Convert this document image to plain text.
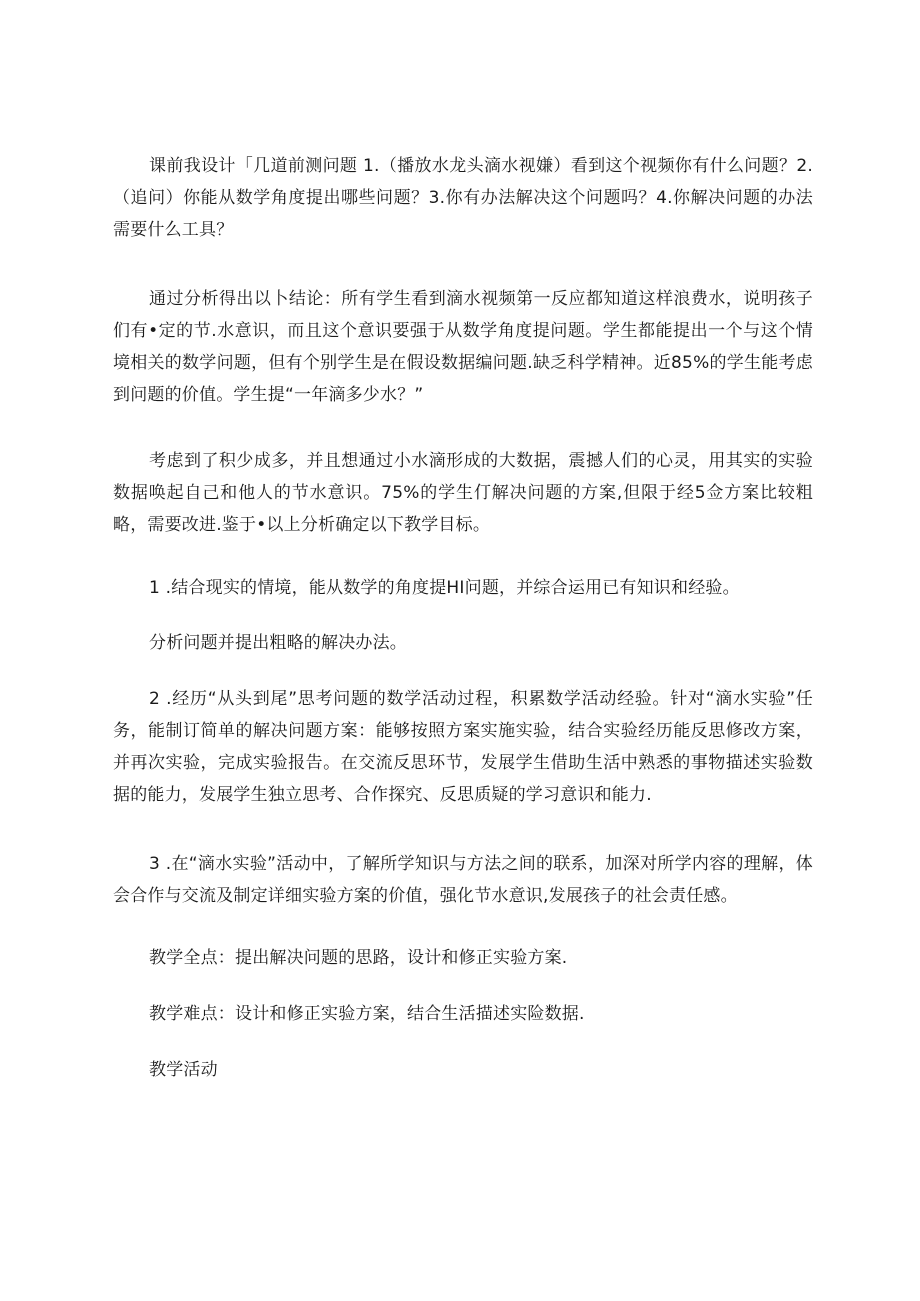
课前我设计「几道前测问题 1.（播放水龙头滴水视嫌）看到这个视频你有什么问题？2.（追问）你能从数学角度提出哪些问题？3.你有办法解决这个问题吗？4.你解决问题的办法需要什么工具？

通过分析得出以卜结论：所有学生看到滴水视频第一反应都知道这样浪费水，说明孩子们有•定的节.水意识，而且这个意识要强于从数学角度提问题。学生都能提出一个与这个情境相关的数学问题，但有个别学生是在假设数据编问题.缺乏科学精神。近85%的学生能考虑到问题的价值。学生提“一年滴多少水？”

考虑到了积少成多，并且想通过小水滴形成的大数据，震撼人们的心灵，用其实的实验数据唤起自己和他人的节水意识。75%的学生仃解决问题的方案,但限于经5佥方案比较粗略，需要改进.鉴于•以上分析确定以下教学目标。

1 .结合现实的情境，能从数学的角度提HI问题，并综合运用已有知识和经验。

分析问题并提出粗略的解决办法。

2 .经历“从头到尾”思考问题的数学活动过程，积累数学活动经验。针对“滴水实验”任务，能制订简单的解决问题方案：能够按照方案实施实验，结合实验经历能反思修改方案，并再次实验，完成实验报告。在交流反思环节，发展学生借助生活中熟悉的事物描述实验数据的能力，发展学生独立思考、合作探究、反思质疑的学习意识和能力.

3 .在“滴水实验”活动中，了解所学知识与方法之间的联系，加深对所学内容的理解，体会合作与交流及制定详细实验方案的价值，强化节水意识,发展孩子的社会责任感。

教学全点：提出解决问题的思路，设计和修正实验方案.

教学难点：设计和修正实验方案，结合生活描述实险数据.

教学活动
